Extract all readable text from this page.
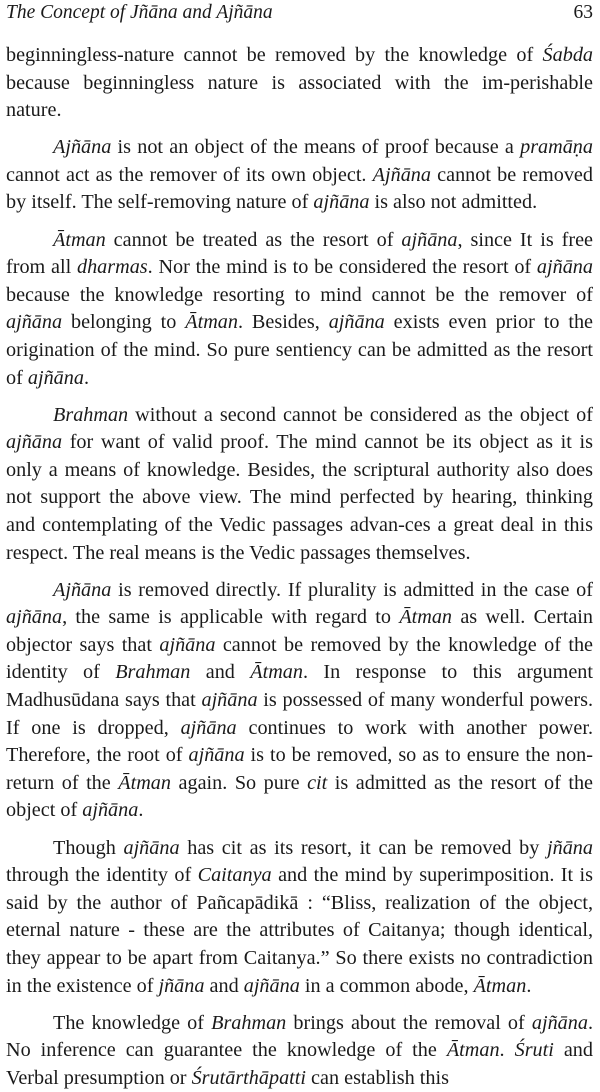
The Concept of Jñāna and Ajñāna	63

beginningless-nature cannot be removed by the knowledge of Śabda because beginningless nature is associated with the im-perishable nature.

Ajñāna is not an object of the means of proof because a pramāṇa cannot act as the remover of its own object. Ajñāna cannot be removed by itself. The self-removing nature of ajñāna is also not admitted.

Ātman cannot be treated as the resort of ajñāna, since It is free from all dharmas. Nor the mind is to be considered the resort of ajñāna because the knowledge resorting to mind cannot be the remover of ajñāna belonging to Ātman. Besides, ajñāna exists even prior to the origination of the mind. So pure sentiency can be admitted as the resort of ajñāna.

Brahman without a second cannot be considered as the object of ajñāna for want of valid proof. The mind cannot be its object as it is only a means of knowledge. Besides, the scriptural authority also does not support the above view. The mind perfected by hearing, thinking and contemplating of the Vedic passages advan-ces a great deal in this respect. The real means is the Vedic passages themselves.

Ajñāna is removed directly. If plurality is admitted in the case of ajñāna, the same is applicable with regard to Ātman as well. Certain objector says that ajñāna cannot be removed by the knowledge of the identity of Brahman and Ātman. In response to this argument Madhusūdana says that ajñāna is possessed of many wonderful powers. If one is dropped, ajñāna continues to work with another power. Therefore, the root of ajñāna is to be removed, so as to ensure the non-return of the Ātman again. So pure cit is admitted as the resort of the object of ajñāna.

Though ajñāna has cit as its resort, it can be removed by jñāna through the identity of Caitanya and the mind by superimposition. It is said by the author of Pañcapādikā : “Bliss, realization of the object, eternal nature - these are the attributes of Caitanya; though identical, they appear to be apart from Caitanya.” So there exists no contradiction in the existence of jñāna and ajñāna in a common abode, Ātman.

The knowledge of Brahman brings about the removal of ajñāna. No inference can guarantee the knowledge of the Ātman. Śruti and Verbal presumption or Śrutārthāpatti can establish this
